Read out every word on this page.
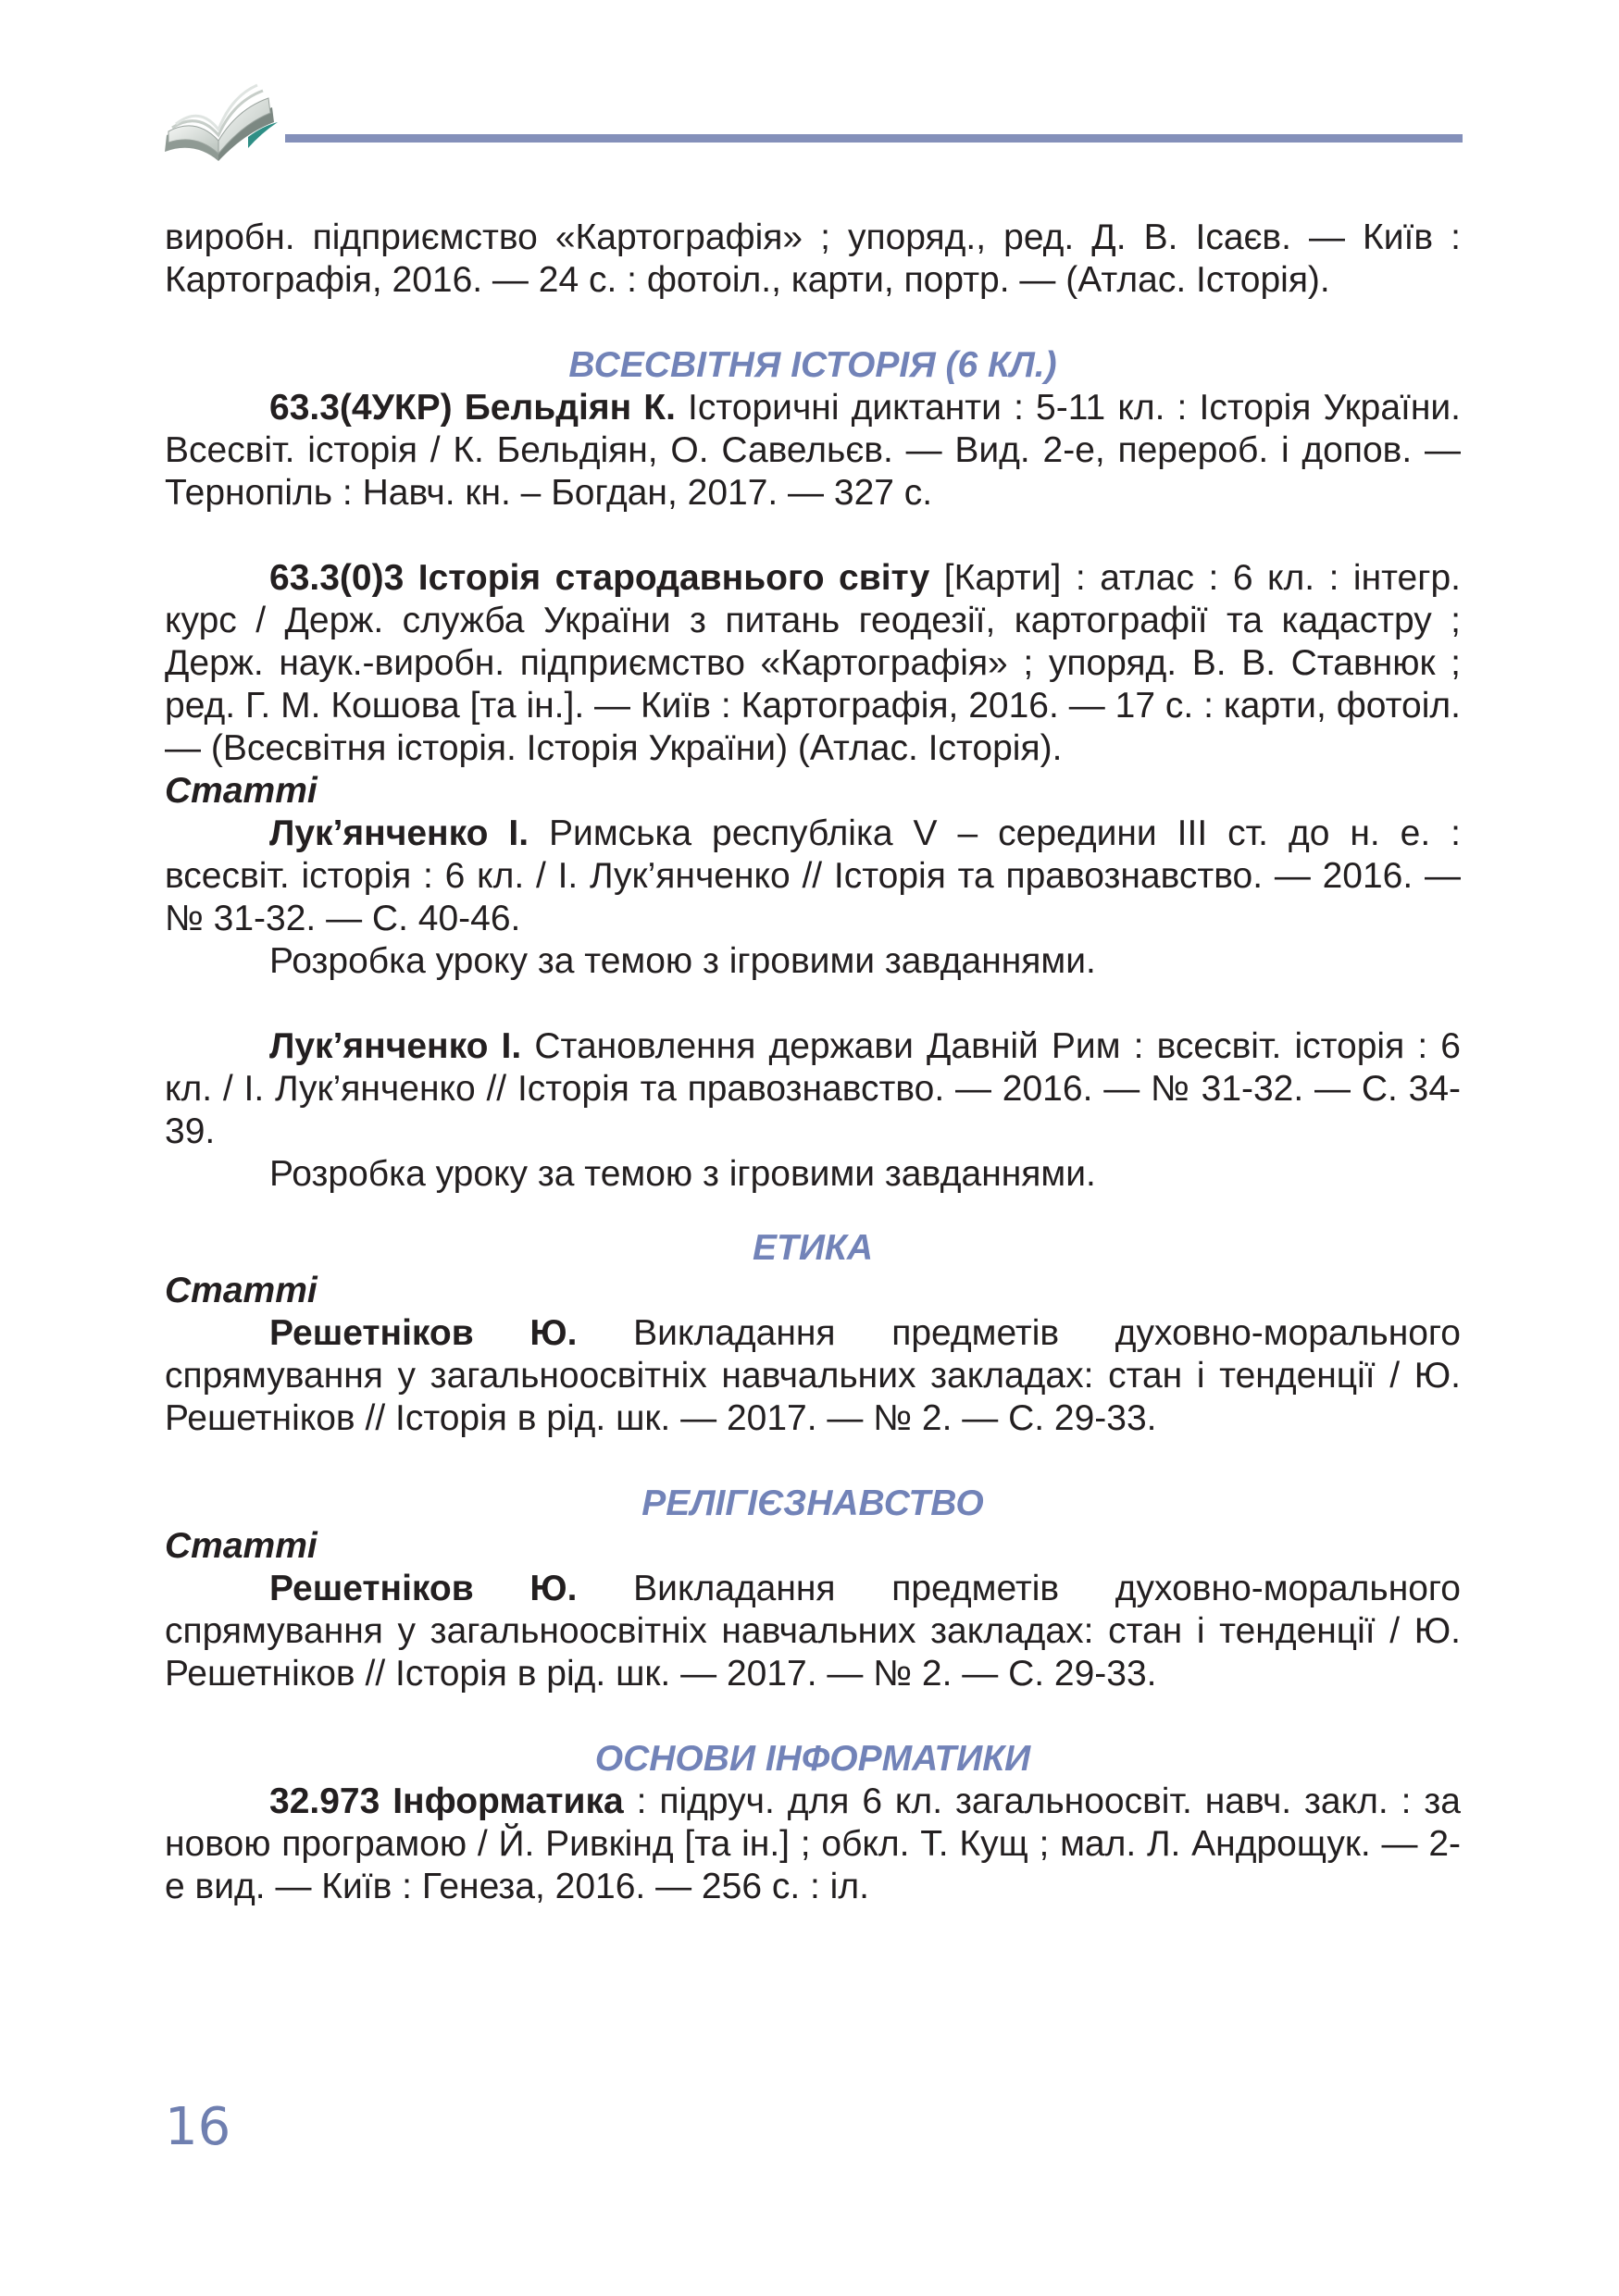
виробн. підприємство «Картографія» ; упоряд., ред. Д. В. Ісаєв. — Київ : Картографія, 2016. — 24 с. : фотоіл., карти, портр. — (Атлас. Історія).

ВСЕСВІТНЯ ІСТОРІЯ (6 КЛ.)

63.3(4УКР) Бельдіян К. Історичні диктанти : 5-11 кл. : Історія України. Всесвіт. історія / К. Бельдіян, О. Савельєв. — Вид. 2-е, перероб. і допов. — Тернопіль : Навч. кн. – Богдан, 2017. — 327 с.

63.3(0)3 Історія стародавнього світу [Карти] : атлас : 6 кл. : інтегр. курс / Держ. служба України з питань геодезії, картографії та кадастру ; Держ. наук.-виробн. підприємство «Картографія» ; упоряд. В. В. Ставнюк ; ред. Г. М. Кошова [та ін.]. — Київ : Картографія, 2016. — 17 с. : карти, фотоіл. — (Всесвітня історія. Історія України) (Атлас. Історія).

Статті

Лук’янченко І. Римська республіка V – середини ІІІ ст. до н. е. : всесвіт. історія : 6 кл. / І. Лук’янченко // Історія та правознавство. — 2016. — № 31-32. — С. 40-46.

Розробка уроку за темою з ігровими завданнями.

Лук’янченко І. Становлення держави Давній Рим : всесвіт. історія : 6 кл. / І. Лук’янченко // Історія та правознавство. — 2016. — № 31-32. — С. 34-39.

Розробка уроку за темою з ігровими завданнями.

ЕТИКА

Статті

Решетніков Ю. Викладання предметів духовно-морального спрямування у загальноосвітніх навчальних закладах: стан і тенденції / Ю. Решетніков // Історія в рід. шк. — 2017. — № 2. — С. 29-33.

РЕЛІГІЄЗНАВСТВО

Статті

Решетніков Ю. Викладання предметів духовно-морального спрямування у загальноосвітніх навчальних закладах: стан і тенденції / Ю. Решетніков // Історія в рід. шк. — 2017. — № 2. — С. 29-33.

ОСНОВИ ІНФОРМАТИКИ

32.973 Інформатика : підруч. для 6 кл. загальноосвіт. навч. закл. : за новою програмою / Й. Ривкінд [та ін.] ; обкл. Т. Кущ ; мал. Л. Андрощук. — 2-е вид. — Київ : Генеза, 2016. — 256 с. : іл.

16
